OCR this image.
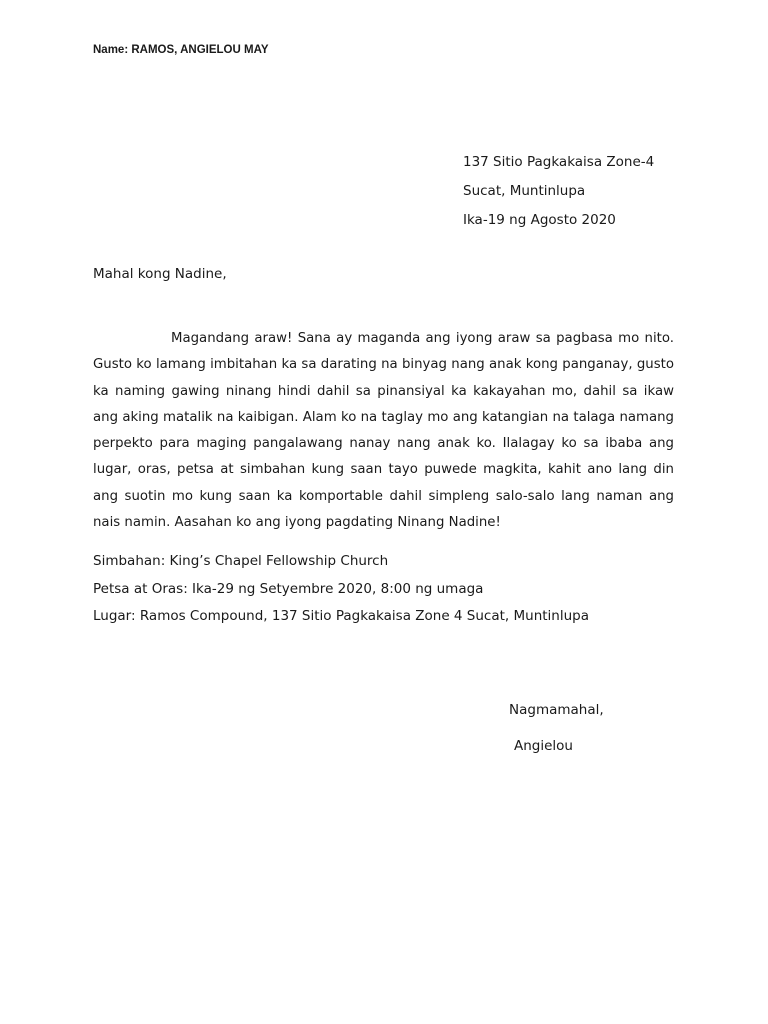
Name: RAMOS, ANGIELOU MAY
137 Sitio Pagkakaisa Zone-4
Sucat, Muntinlupa
Ika-19 ng Agosto 2020
Mahal kong Nadine,

Magandang araw! Sana ay maganda ang iyong araw sa pagbasa mo nito. Gusto ko lamang imbitahan ka sa darating na binyag nang anak kong panganay, gusto ka naming gawing ninang hindi dahil sa pinansiyal ka kakayahan mo, dahil sa ikaw ang aking matalik na kaibigan. Alam ko na taglay mo ang katangian na talaga namang perpekto para maging pangalawang nanay nang anak ko. Ilalagay ko sa ibaba ang lugar, oras, petsa at simbahan kung saan tayo puwede magkita, kahit ano lang din ang suotin mo kung saan ka komportable dahil simpleng salo-salo lang naman ang nais namin. Aasahan ko ang iyong pagdating Ninang Nadine!

Simbahan: King’s Chapel Fellowship Church
Petsa at Oras: Ika-29 ng Setyembre 2020, 8:00 ng umaga
Lugar: Ramos Compound, 137 Sitio Pagkakaisa Zone 4 Sucat, Muntinlupa
Nagmamahal,
Angielou
